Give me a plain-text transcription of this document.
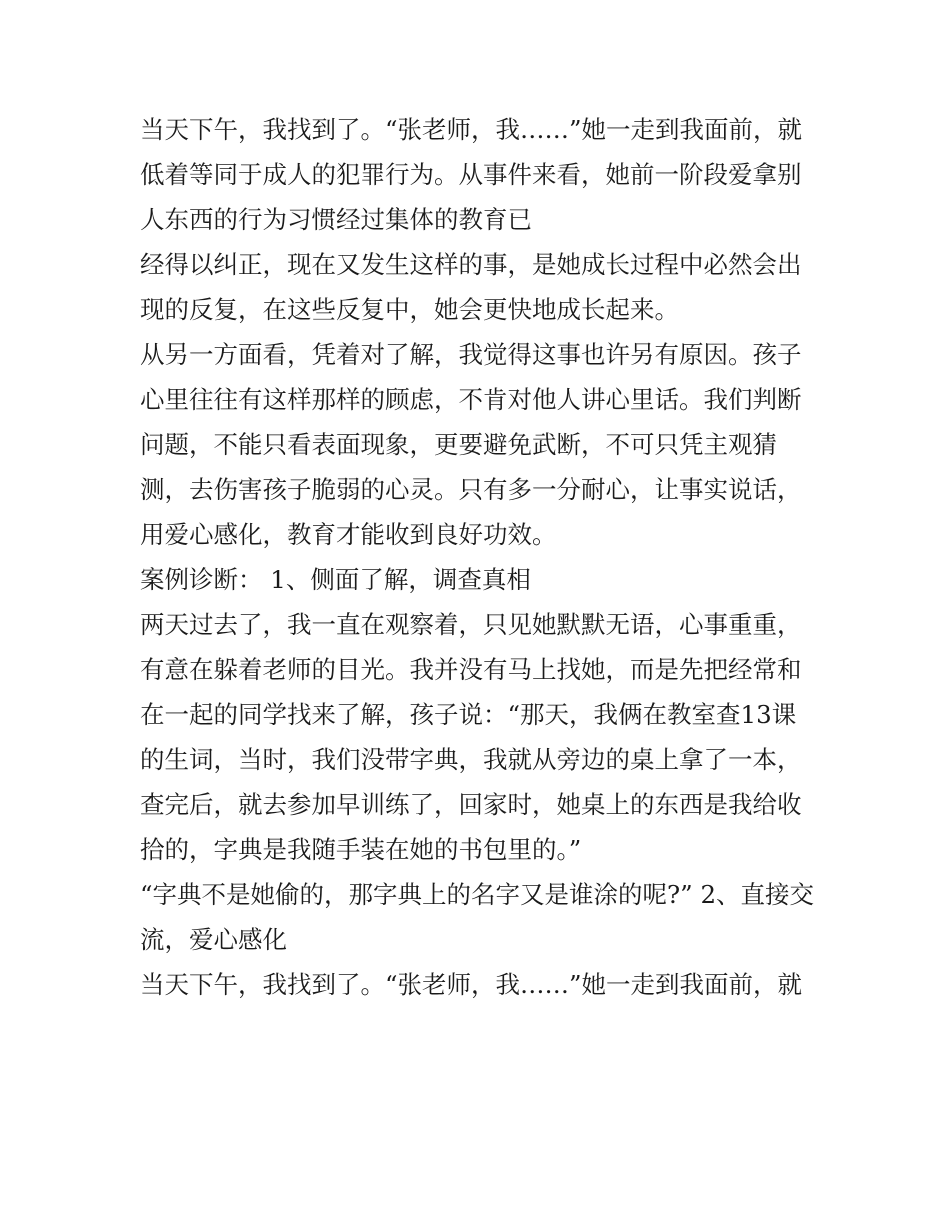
当天下午，我找到了。“张老师，我……”她一走到我面前，就
低着等同于成人的犯罪行为。从事件来看，她前一阶段爱拿别
人东西的行为习惯经过集体的教育已
经得以纠正，现在又发生这样的事，是她成长过程中必然会出
现的反复，在这些反复中，她会更快地成长起来。
从另一方面看，凭着对了解，我觉得这事也许另有原因。孩子
心里往往有这样那样的顾虑，不肯对他人讲心里话。我们判断
问题，不能只看表面现象，更要避免武断，不可只凭主观猜
测，去伤害孩子脆弱的心灵。只有多一分耐心，让事实说话，
用爱心感化，教育才能收到良好功效。
案例诊断： 1、侧面了解，调查真相
两天过去了，我一直在观察着，只见她默默无语，心事重重，
有意在躲着老师的目光。我并没有马上找她，而是先把经常和
在一起的同学找来了解，孩子说：“那天，我俩在教室查13课
的生词，当时，我们没带字典，我就从旁边的桌上拿了一本，
查完后，就去参加早训练了，回家时，她桌上的东西是我给收
拾的，字典是我随手装在她的书包里的。”
“字典不是她偷的，那字典上的名字又是谁涂的呢?” 2、直接交
流，爱心感化
当天下午，我找到了。“张老师，我……”她一走到我面前，就
